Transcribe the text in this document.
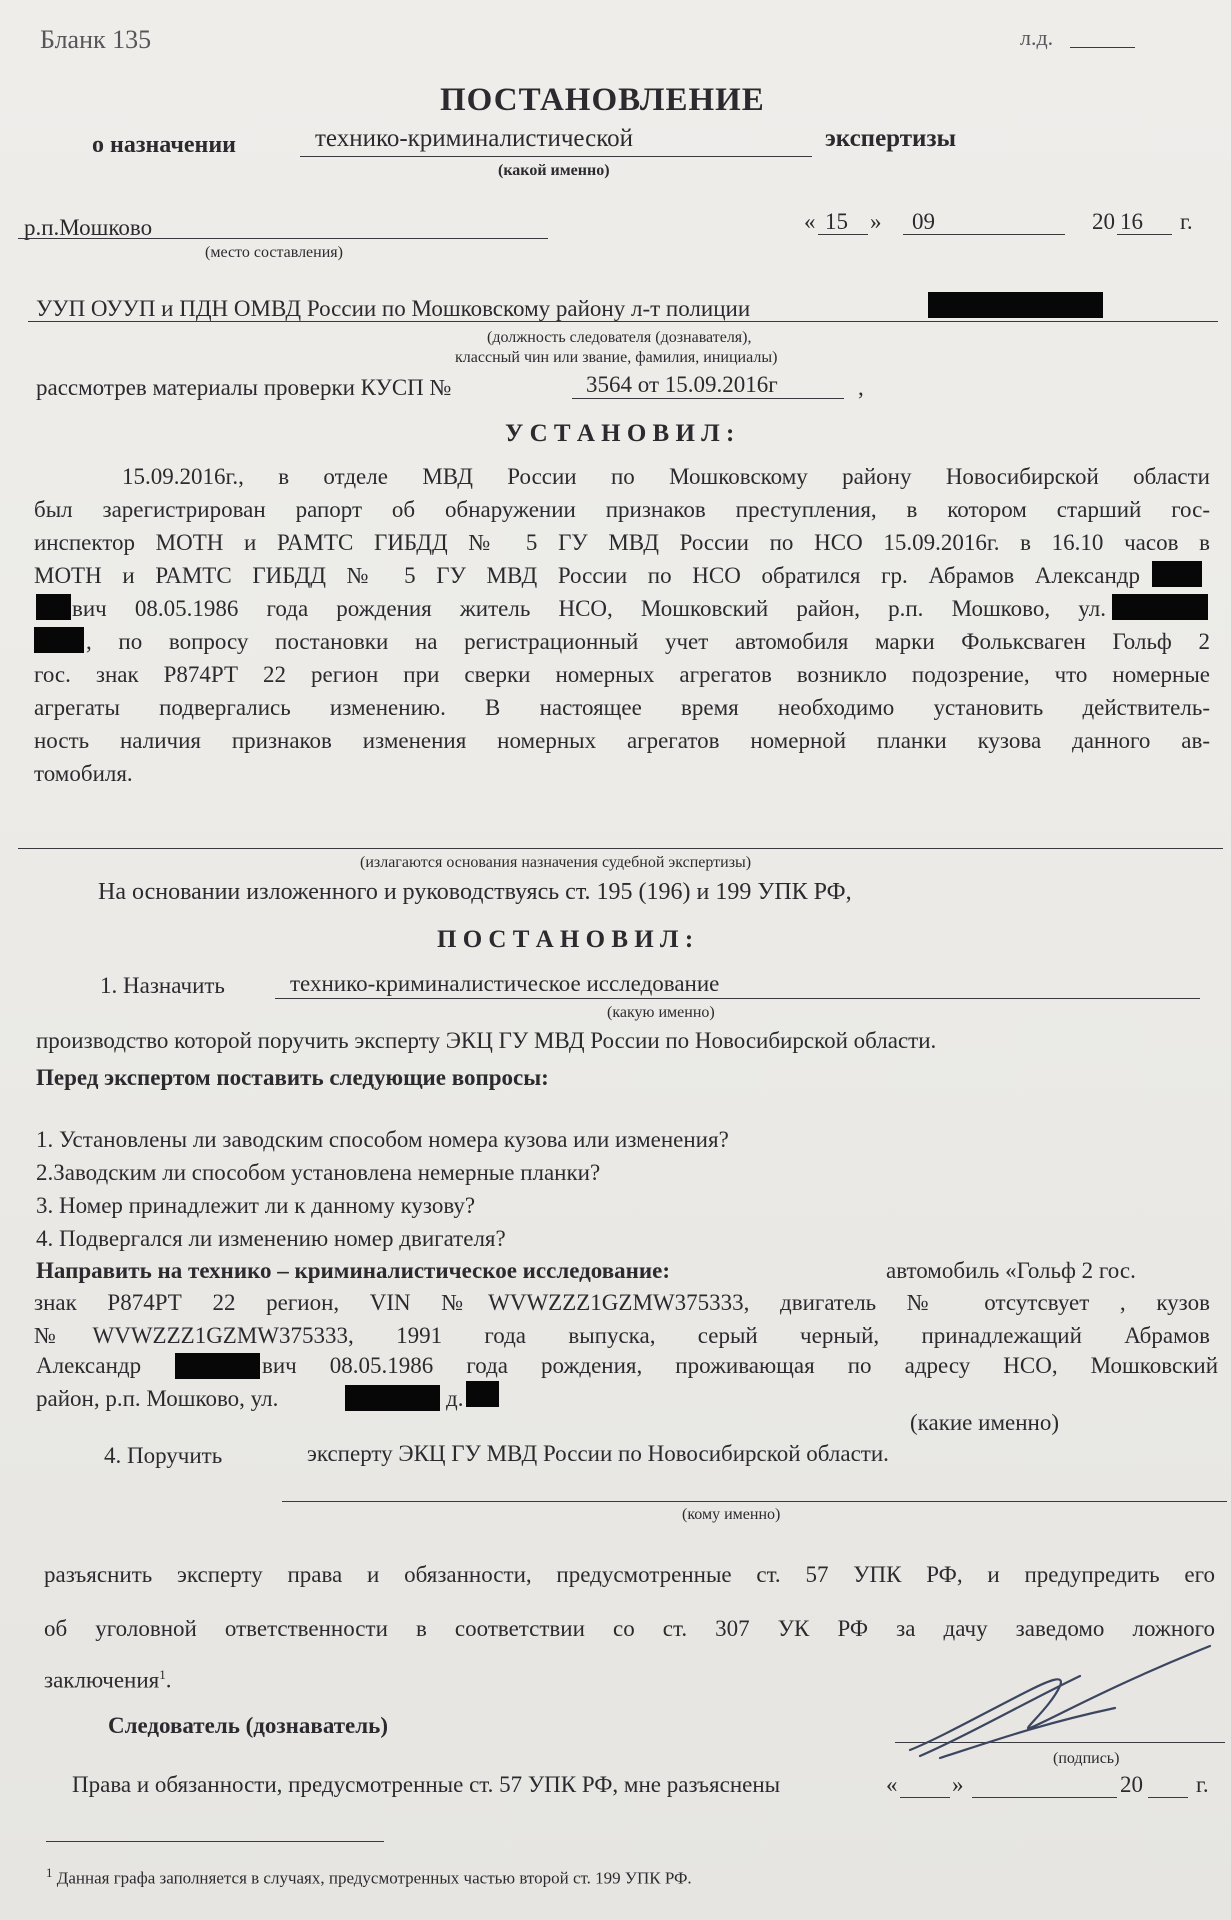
Бланк 135	л.д.
ПОСТАНОВЛЕНИЕ
о назначении	технико-криминалистической	экспертизы
(какой именно)
р.п.Мошково
(место составления)
« 15 » 09	20 16 г.
УУП ОУУП и ПДН ОМВД России по Мошковскому району л-т полиции
(должность следователя (дознавателя),
классный чин или звание, фамилия, инициалы)
рассмотрев материалы проверки КУСП №	3564 от 15.09.2016г	,
У С Т А Н О В И Л :
15.09.2016г., в отделе МВД России по Мошковскому району Новосибирской области
был зарегистрирован рапорт об обнаружении признаков преступления, в котором старший гос-
инспектор МОТН и РАМТС ГИБДД № 5 ГУ МВД России по НСО 15.09.2016г. в 16.10 часов в
МОТН и РАМТС ГИБДД № 5 ГУ МВД России по НСО обратился гр. Абрамов Александр
вич 08.05.1986 года рождения житель НСО, Мошковский район, р.п. Мошково, ул.
, по вопросу постановки на регистрационный учет автомобиля марки Фольксваген Гольф 2
гос. знак Р874РТ 22 регион при сверки номерных агрегатов возникло подозрение, что номерные
агрегаты подвергались изменению. В настоящее время необходимо установить действитель-
ность наличия признаков изменения номерных агрегатов номерной планки кузова данного ав-
томобиля.
(излагаются основания назначения судебной экспертизы)
На основании изложенного и руководствуясь ст. 195 (196) и 199 УПК РФ,
П О С Т А Н О В И Л :
1. Назначить	технико-криминалистическое исследование
(какую именно)
производство которой поручить эксперту ЭКЦ ГУ МВД России по Новосибирской области.
Перед экспертом поставить следующие вопросы:
1. Установлены ли заводским способом номера кузова или изменения?
2.Заводским ли способом установлена немерные планки?
3. Номер принадлежит ли к данному кузову?
4. Подвергался ли изменению номер двигателя?
Направить на технико – криминалистическое исследование:	автомобиль «Гольф 2 гос.
знак Р874РТ 22 регион, VIN №WVWZZZ1GZMW375333, двигатель № отсутсвует , кузов
№WVWZZZ1GZMW375333, 1991 года выпуска, серый черный, принадлежащий Абрамов
Александр	вич 08.05.1986 года рождения, проживающая по адресу НСО, Мошковский
район, р.п. Мошково, ул.	д.
(какие именно)
4. Поручить	эксперту ЭКЦ ГУ МВД России по Новосибирской области.
(кому именно)
разъяснить эксперту права и обязанности, предусмотренные ст. 57 УПК РФ, и предупредить его
об уголовной ответственности в соответствии со ст. 307 УК РФ за дачу заведомо ложного
заключения$^1$.
Следователь (дознаватель)
(подпись)
Права и обязанности, предусмотренные ст. 57 УПК РФ, мне разъяснены	« »	20 г.
$^1$ Данная графа заполняется в случаях, предусмотренных частью второй ст. 199 УПК РФ.
